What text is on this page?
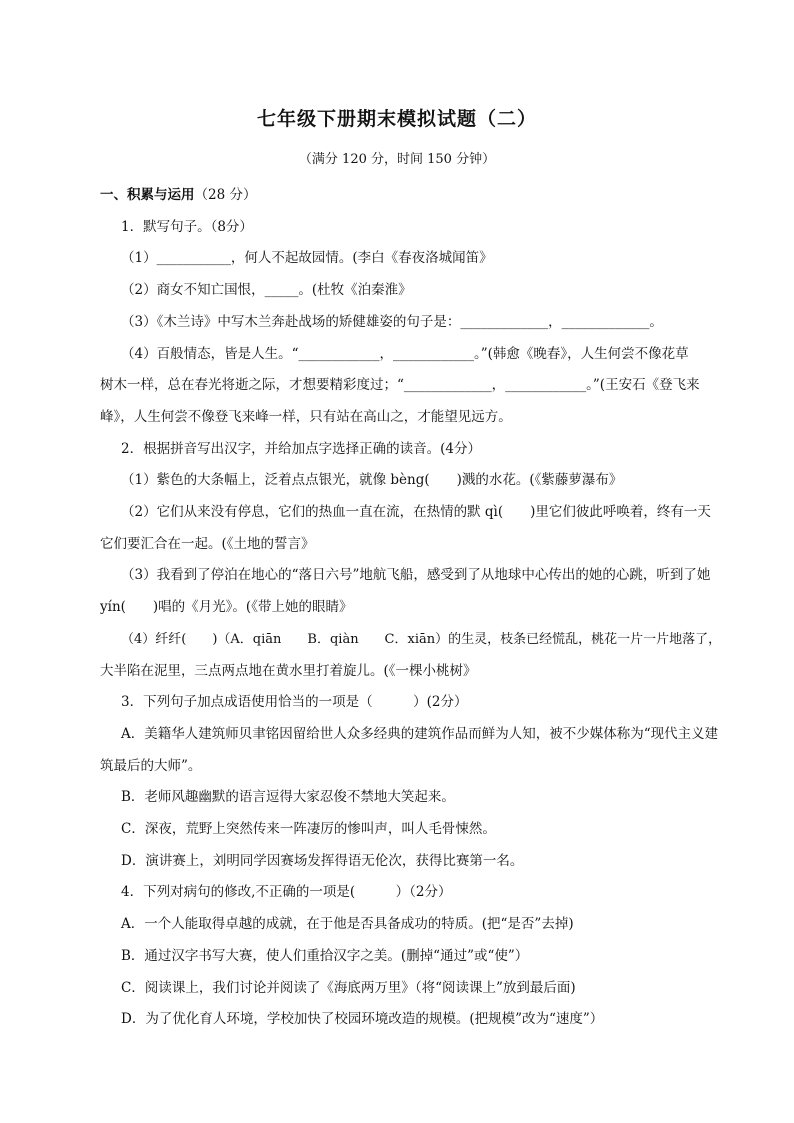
七年级下册期末模拟试题（二）
（满分 120 分，时间 150 分钟）
一、积累与运用（28 分）
1．默写句子。（8分）
（1）___________，何人不起故园情。(李白《春夜洛城闻笛》
（2）商女不知亡国恨，_____。(杜牧《泊秦淮》
（3）《木兰诗》中写木兰奔赴战场的矫健雄姿的句子是：_____________，_____________。
（4）百般情态，皆是人生。“____________，____________。”(韩愈《晚春》，人生何尝不像花草
树木一样，总在春光将逝之际，才想要精彩度过；“_____________，____________。”(王安石《登飞来
峰》，人生何尝不像登飞来峰一样，只有站在高山之，才能望见远方。
2．根据拼音写出汉字，并给加点字选择正确的读音。(4分）
（1）紫色的大条幅上，泛着点点银光，就像 bèng(　　)溅的水花。(《紫藤萝瀑布》
（2）它们从来没有停息，它们的热血一直在流，在热情的默 qì(　　)里它们彼此呼唤着，终有一天
它们要汇合在一起。(《土地的誓言》
（3）我看到了停泊在地心的“落日六号”地航飞船，感受到了从地球中心传出的她的心跳，听到了她
yín(　　)唱的《月光》。(《带上她的眼睛》
（4）纤纤(　　)（A．qiān　　B．qiàn　　C．xiān）的生灵，枝条已经慌乱，桃花一片一片地落了，
大半陷在泥里，三点两点地在黄水里打着旋儿。(《一棵小桃树》
3．下列句子加点成语使用恰当的一项是（　　　）(2分）
A．美籍华人建筑师贝聿铭因留给世人众多经典的建筑作品而鲜为人知，被不少媒体称为“现代主义建
筑最后的大师”。
B．老师风趣幽默的语言逗得大家忍俊不禁地大笑起来。
C．深夜，荒野上突然传来一阵凄厉的惨叫声，叫人毛骨悚然。
D．演讲赛上，刘明同学因赛场发挥得语无伦次，获得比赛第一名。
4．下列对病句的修改,不正确的一项是(　　　）（2分）
A．一个人能取得卓越的成就，在于他是否具备成功的特质。(把“是否”去掉)
B．通过汉字书写大赛，使人们重拾汉字之美。(删掉“通过”或“使”）
C．阅读课上，我们讨论并阅读了《海底两万里》（将“阅读课上”放到最后面)
D．为了优化育人环境，学校加快了校园环境改造的规模。(把规模”改为“速度”）
